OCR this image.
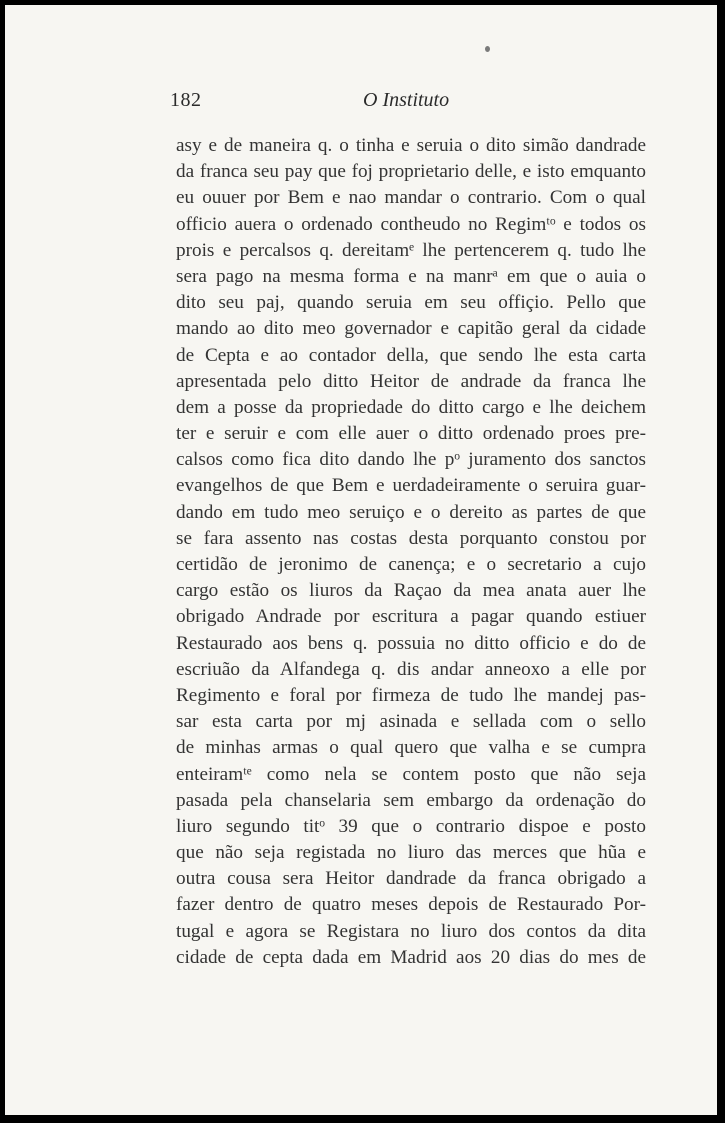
182	O Instituto
asy e de maneira q. o tinha e seruia o dito simão dandrade
da franca seu pay que foj proprietario delle, e isto emquanto
eu ouuer por Bem e nao mandar o contrario. Com o qual
officio auera o ordenado contheudo no Regimᵗᵒ e todos os
prois e percalsos q. dereitamᵉ lhe pertencerem q. tudo lhe
sera pago na mesma forma e na manrᵃ em que o auia o
dito seu paj, quando seruia em seu offiçio. Pello que
mando ao dito meo governador e capitão geral da cidade
de Cepta e ao contador della, que sendo lhe esta carta
apresentada pelo ditto Heitor de andrade da franca lhe
dem a posse da propriedade do ditto cargo e lhe deichem
ter e seruir e com elle auer o ditto ordenado proes pre-
calsos como fica dito dando lhe pᵒ juramento dos sanctos
evangelhos de que Bem e uerdadeiramente o seruira guar-
dando em tudo meo seruiço e o dereito as partes de que
se fara assento nas costas desta porquanto constou por
certidão de jeronimo de canença; e o secretario a cujo
cargo estão os liuros da Raçao da mea anata auer lhe
obrigado Andrade por escritura a pagar quando estiuer
Restaurado aos bens q. possuia no ditto officio e do de
escriuão da Alfandega q. dis andar anneoxo a elle por
Regimento e foral por firmeza de tudo lhe mandej pas-
sar esta carta por mj asinada e sellada com o sello
de minhas armas o qual quero que valha e se cumpra
enteiramᵗᵉ como nela se contem posto que não seja
pasada pela chanselaria sem embargo da ordenação do
liuro segundo titᵒ 39 que o contrario dispoe e posto
que não seja registada no liuro das merces que hũa e
outra cousa sera Heitor dandrade da franca obrigado a
fazer dentro de quatro meses depois de Restaurado Por-
tugal e agora se Registara no liuro dos contos da dita
cidade de cepta dada em Madrid aos 20 dias do mes de
